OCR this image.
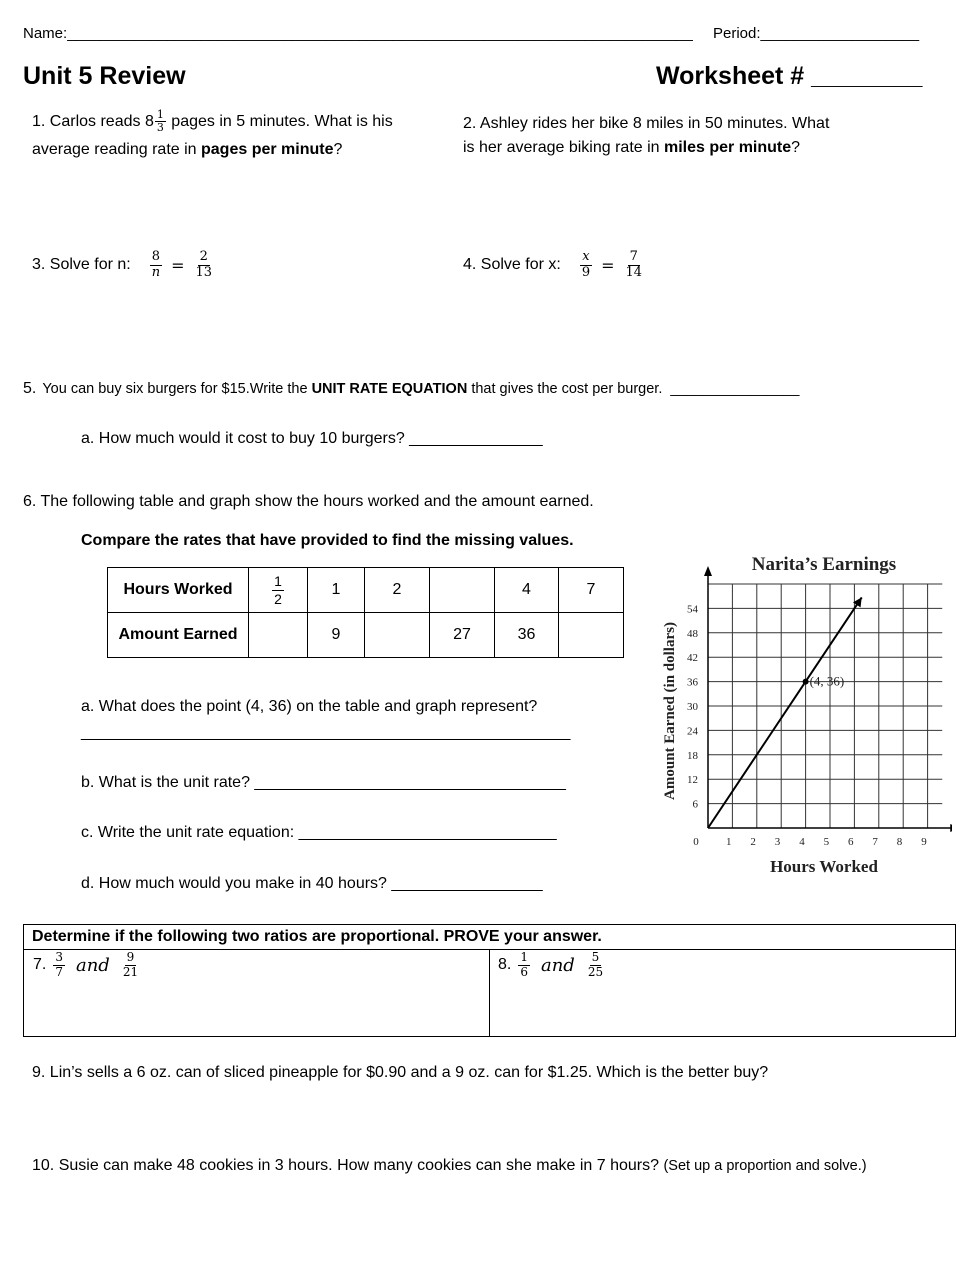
Name:___________________________________________________________________________ Period:___________________
Unit 5 Review	Worksheet # ________
1. Carlos reads $8 \frac{1}{3}$ pages in 5 minutes. What is his
average reading rate in pages per minute?
2. Ashley rides her bike 8 miles in 50 minutes. What
is her average biking rate in miles per minute?
3. Solve for n: $\frac{8}{n} = \frac{2}{13}$	4. Solve for x: $\frac{x}{9} = \frac{7}{14}$
5. You can buy six burgers for $15.Write the UNIT RATE EQUATION that gives the cost per burger. ________________
a. How much would it cost to buy 10 burgers? _______________
6. The following table and graph show the hours worked and the amount earned.
Compare the rates that have provided to find the missing values.
Hours Worked	$\frac{1}{2}$	1	2		4	7
Amount Earned		9		27	36	
a. What does the point (4, 36) on the table and graph represent?
_______________________________________________________
b. What is the unit rate? ___________________________________
c. Write the unit rate equation: _____________________________
d. How much would you make in 40 hours? _________________
Narita’s Earnings
0 1 2 3 4 5 6 7 8 9
6
12
18
24
30
36
42
48
54
(4, 36)
Hours Worked
Amount Earned (in dollars)
Determine if the following two ratios are proportional. PROVE your answer.
7. $\frac{3}{7}$ and $\frac{9}{21}$	8. $\frac{1}{6}$ and $\frac{5}{25}$
9. Lin’s sells a 6 oz. can of sliced pineapple for $0.90 and a 9 oz. can for $1.25. Which is the better buy?
10. Susie can make 48 cookies in 3 hours. How many cookies can she make in 7 hours? (Set up a proportion and solve.)
